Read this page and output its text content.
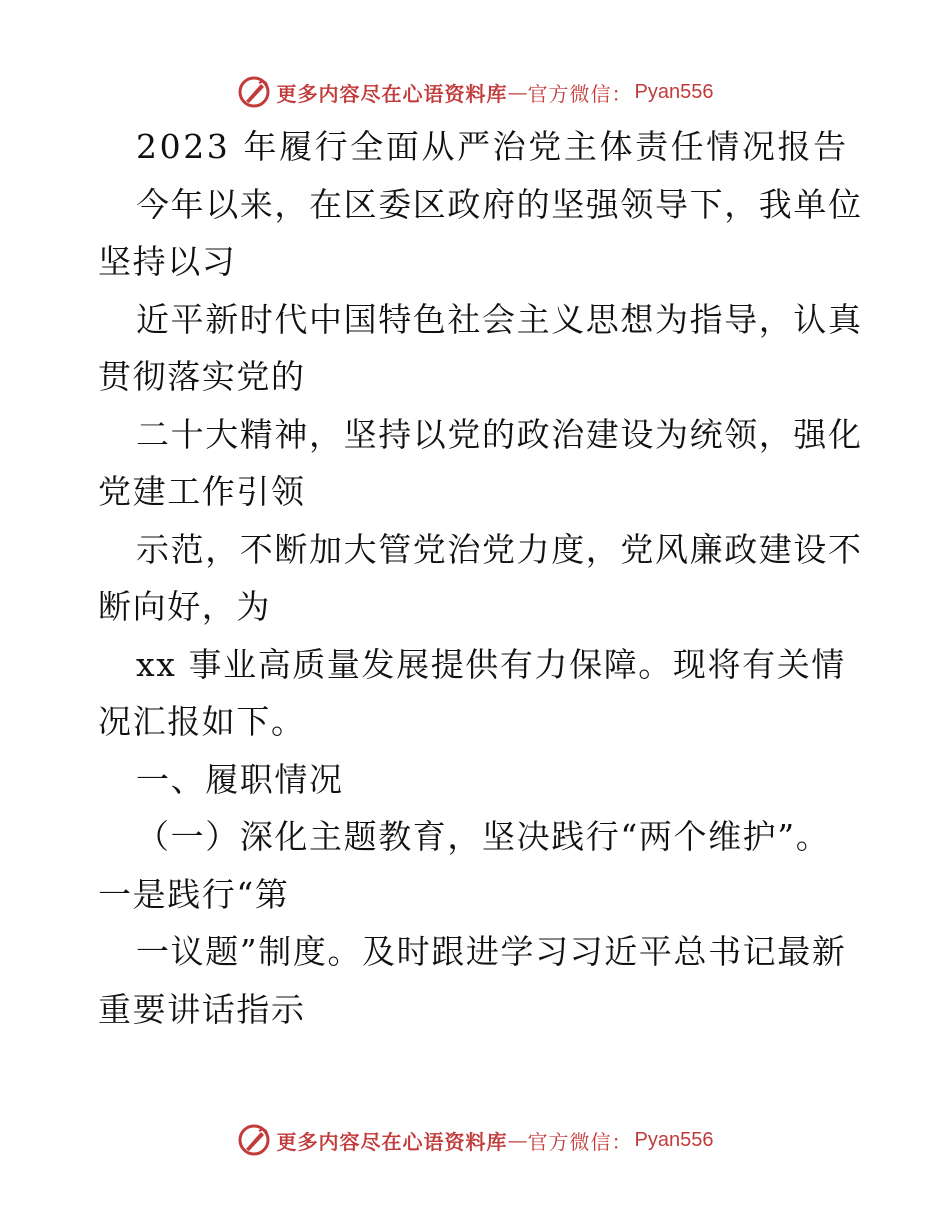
更多内容尽在心语资料库 — 官方微信： Pyan556
2023 年履行全面从严治党主体责任情况报告
今年以来，在区委区政府的坚强领导下，我单位
坚持以习
近平新时代中国特色社会主义思想为指导，认真
贯彻落实党的
二十大精神，坚持以党的政治建设为统领，强化
党建工作引领
示范，不断加大管党治党力度，党风廉政建设不
断向好，为
xx 事业高质量发展提供有力保障。现将有关情
况汇报如下。
一、履职情况
（一）深化主题教育，坚决践行“两个维护”。
一是践行“第
一议题”制度。及时跟进学习习近平总书记最新
重要讲话指示
更多内容尽在心语资料库 — 官方微信： Pyan556
